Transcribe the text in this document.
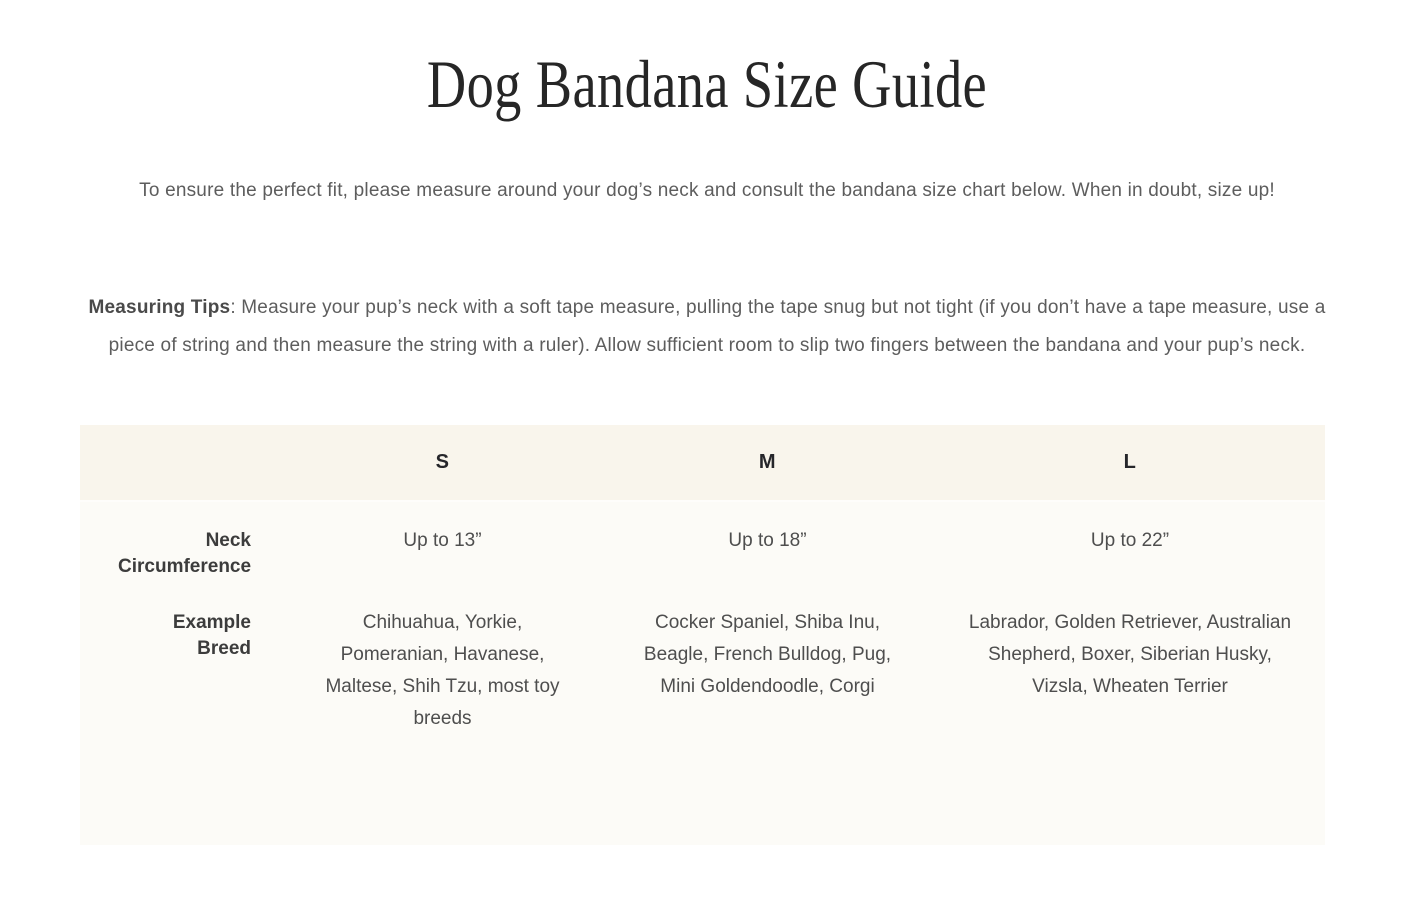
Dog Bandana Size Guide

To ensure the perfect fit, please measure around your dog’s neck and consult the bandana size chart below. When in doubt, size up!

Measuring Tips: Measure your pup’s neck with a soft tape measure, pulling the tape snug but not tight (if you don’t have a tape measure, use a piece of string and then measure the string with a ruler). Allow sufficient room to slip two fingers between the bandana and your pup’s neck.

	S	M	L
Neck Circumference	Up to 13”	Up to 18”	Up to 22”
Example Breed	Chihuahua, Yorkie, Pomeranian, Havanese, Maltese, Shih Tzu, most toy breeds	Cocker Spaniel, Shiba Inu, Beagle, French Bulldog, Pug, Mini Goldendoodle, Corgi	Labrador, Golden Retriever, Australian Shepherd, Boxer, Siberian Husky, Vizsla, Wheaten Terrier
